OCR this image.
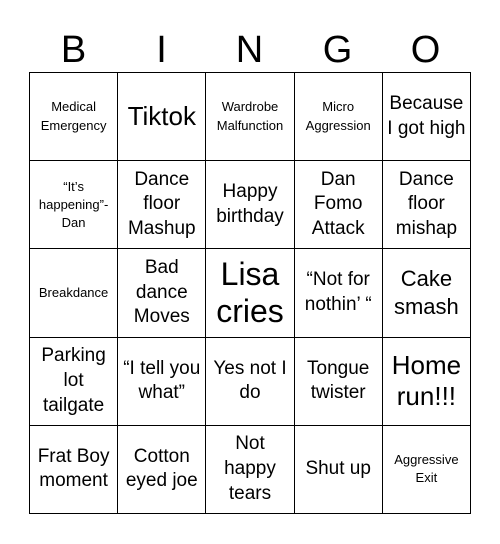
B	I	N	G	O
Medical Emergency Tiktok	Wardrobe Malfunction
Micro Aggression
Because I got high
“It’s happening”-Dan
Dance floor Mashup
Happy birthday
Dan Fomo Attack
Dance floor mishap
Breakdance
Bad dance Moves
Lisa cries
“Not for nothin’ “
Cake smash
Parking lot tailgate
“I tell you what”
Yes not I do
Tongue twister
Home run!!!
Frat Boy moment
Cotton eyed joe
Not happy tears
Shut up	Aggressive Exit
